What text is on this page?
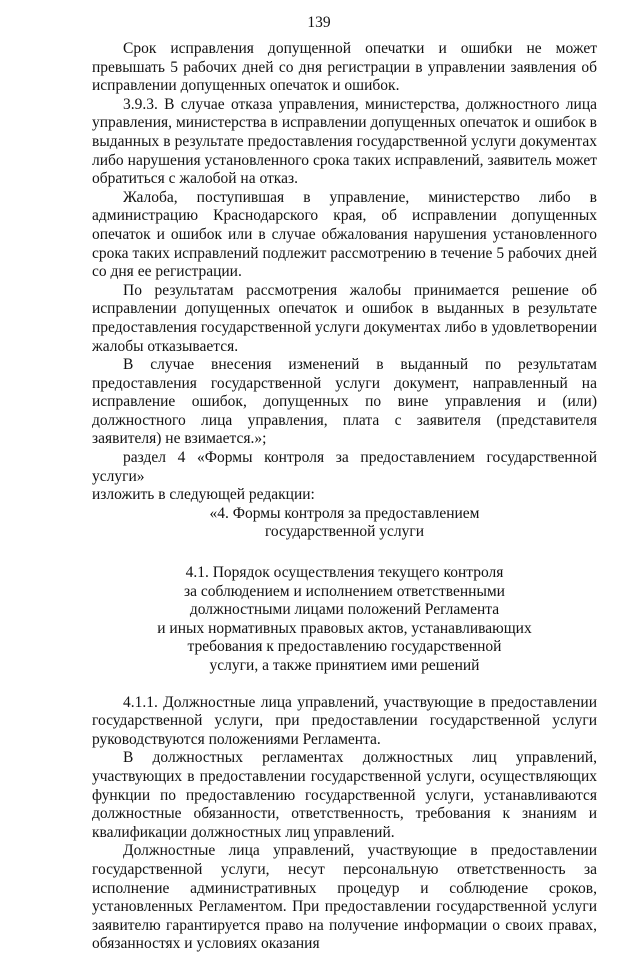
139

Срок исправления допущенной опечатки и ошибки не может превышать 5 рабочих дней со дня регистрации в управлении заявления об исправлении допущенных опечаток и ошибок.

3.9.3. В случае отказа управления, министерства, должностного лица управления, министерства в исправлении допущенных опечаток и ошибок в выданных в результате предоставления государственной услуги документах либо нарушения установленного срока таких исправлений, заявитель может обратиться с жалобой на отказ.

Жалоба, поступившая в управление, министерство либо в администрацию Краснодарского края, об исправлении допущенных опечаток и ошибок или в случае обжалования нарушения установленного срока таких исправлений подлежит рассмотрению в течение 5 рабочих дней со дня ее регистрации.

По результатам рассмотрения жалобы принимается решение об исправлении допущенных опечаток и ошибок в выданных в результате предоставления государственной услуги документах либо в удовлетворении жалобы отказывается.

В случае внесения изменений в выданный по результатам предоставления государственной услуги документ, направленный на исправление ошибок, допущенных по вине управления и (или) должностного лица управления, плата с заявителя (представителя заявителя) не взимается.»;

раздел 4 «Формы контроля за предоставлением государственной услуги»

изложить в следующей редакции:

«4. Формы контроля за предоставлением

государственной услуги

4.1. Порядок осуществления текущего контроля

за соблюдением и исполнением ответственными

должностными лицами положений Регламента

и иных нормативных правовых актов, устанавливающих

требования к предоставлению государственной

услуги, а также принятием ими решений

4.1.1. Должностные лица управлений, участвующие в предоставлении государственной услуги, при предоставлении государственной услуги руководствуются положениями Регламента.

В должностных регламентах должностных лиц управлений, участвующих в предоставлении государственной услуги, осуществляющих функции по предоставлению государственной услуги, устанавливаются должностные обязанности, ответственность, требования к знаниям и квалификации должностных лиц управлений.

Должностные лица управлений, участвующие в предоставлении государственной услуги, несут персональную ответственность за исполнение административных процедур и соблюдение сроков, установленных Регламентом. При предоставлении государственной услуги заявителю гарантируется право на получение информации о своих правах, обязанностях и условиях оказания
